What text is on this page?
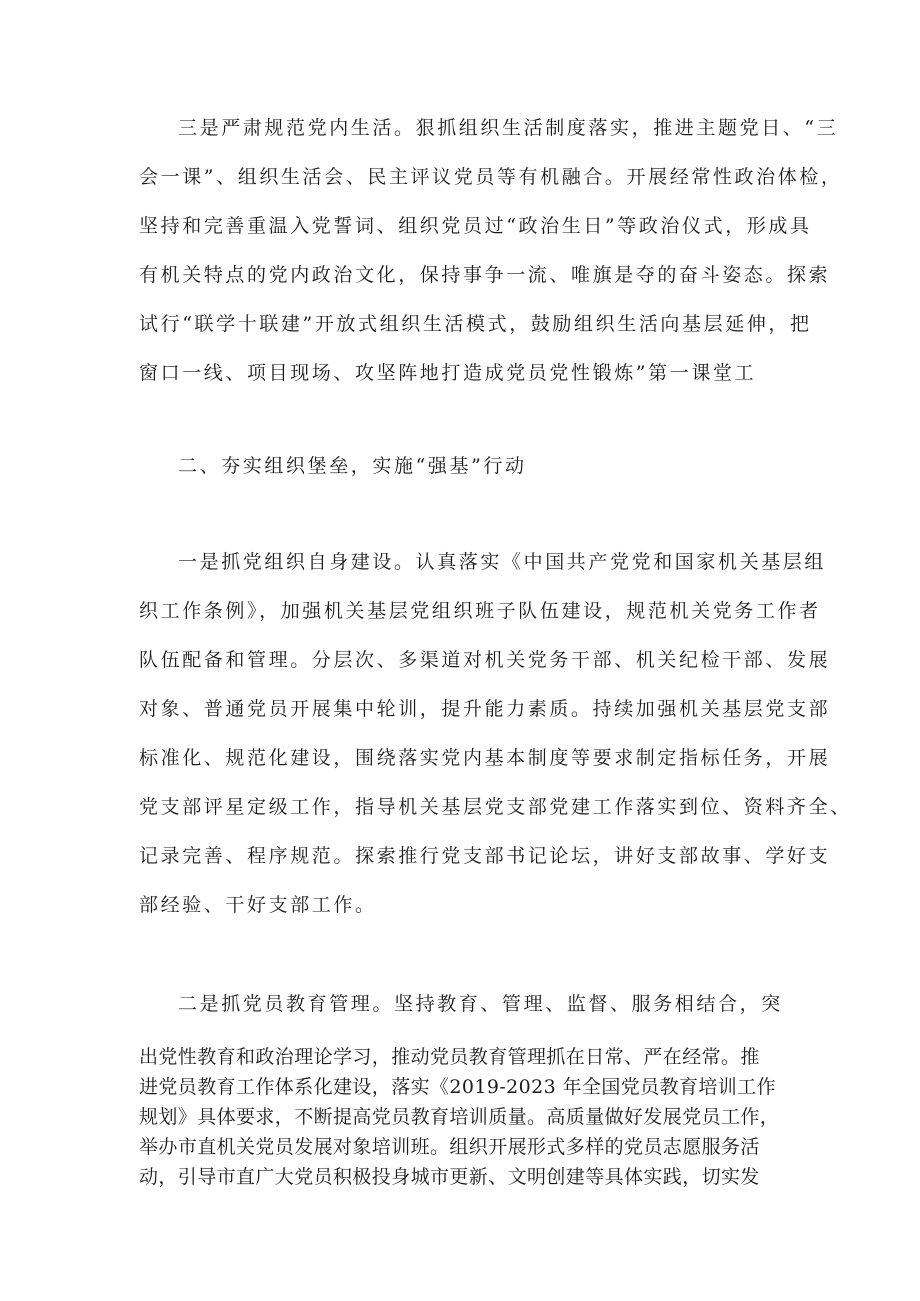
三是严肃规范党内生活。狠抓组织生活制度落实，推进主题党日、“三
会一课”、组织生活会、民主评议党员等有机融合。开展经常性政治体检，
坚持和完善重温入党誓词、组织党员过“政治生日”等政治仪式，形成具
有机关特点的党内政治文化，保持事争一流、唯旗是夺的奋斗姿态。探索
试行“联学十联建”开放式组织生活模式，鼓励组织生活向基层延伸，把
窗口一线、项目现场、攻坚阵地打造成党员党性锻炼”第一课堂工
二、夯实组织堡垒，实施“强基”行动
一是抓党组织自身建设。认真落实《中国共产党党和国家机关基层组
织工作条例》，加强机关基层党组织班子队伍建设，规范机关党务工作者
队伍配备和管理。分层次、多渠道对机关党务干部、机关纪检干部、发展
对象、普通党员开展集中轮训，提升能力素质。持续加强机关基层党支部
标准化、规范化建设，围绕落实党内基本制度等要求制定指标任务，开展
党支部评星定级工作，指导机关基层党支部党建工作落实到位、资料齐全、
记录完善、程序规范。探索推行党支部书记论坛，讲好支部故事、学好支
部经验、干好支部工作。
二是抓党员教育管理。坚持教育、管理、监督、服务相结合，突
出党性教育和政治理论学习，推动党员教育管理抓在日常、严在经常。推
进党员教育工作体系化建设，落实《2019-2023 年全国党员教育培训工作
规划》具体要求，不断提高党员教育培训质量。高质量做好发展党员工作，
举办市直机关党员发展对象培训班。组织开展形式多样的党员志愿服务活
动，引导市直广大党员积极投身城市更新、文明创建等具体实践，切实发
